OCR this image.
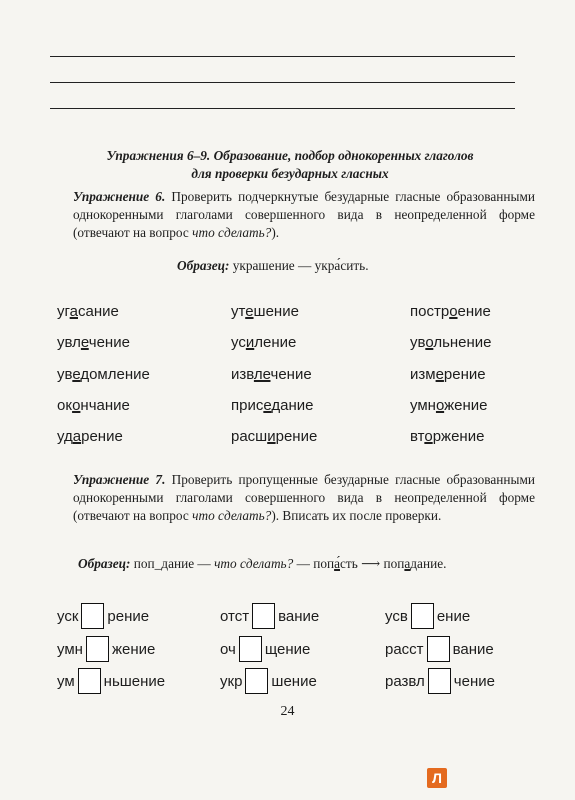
Упражнения 6–9. Образование, подбор однокоренных глаголов
для проверки безударных гласных
Упражнение 6. Проверить подчеркнутые безударные гласные образованными однокоренными глаголами совершенного вида в неопределенной форме (отвечают на вопрос что сделать?).
Образец: украшение — укра ́сить.
угасание	утешение	построение
увлечение	усиление	увольнение
уведомление	извлечение	измерение
окончание	приседание	умножение
ударение	расширение	вторжение
Упражнение 7. Проверить пропущенные безударные гласные образованными однокоренными глаголами совершенного вида в неопределенной форме (отвечают на вопрос что сделать?). Вписать их после проверки.
Образец: поп_дание — что сделать? — попа ́сть ⟶ попадание.
уск рение	отст вание	усв ение
умн жение	оч щение	расст вание
ум ньшение	укр шение	развл чение
24
Л
